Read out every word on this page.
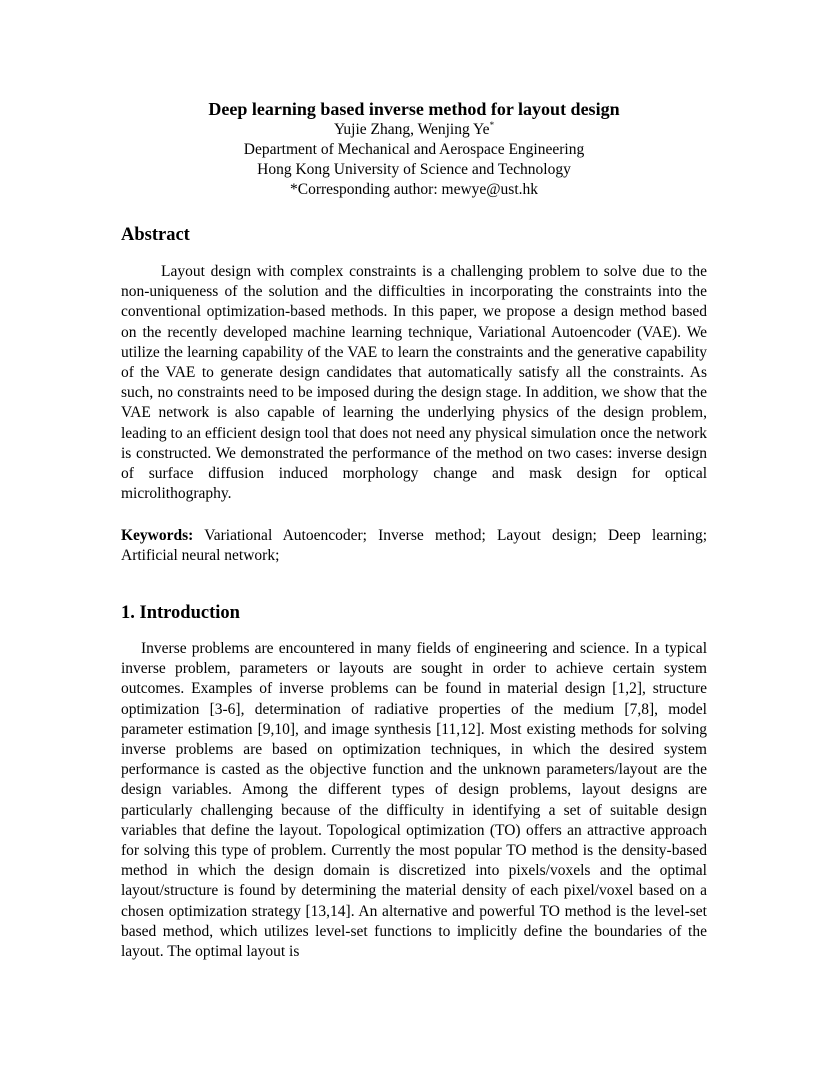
Deep learning based inverse method for layout design

Yujie Zhang, Wenjing Ye*

Department of Mechanical and Aerospace Engineering

Hong Kong University of Science and Technology

*Corresponding author: mewye@ust.hk

Abstract

Layout design with complex constraints is a challenging problem to solve due to the non-uniqueness of the solution and the difficulties in incorporating the constraints into the conventional optimization-based methods. In this paper, we propose a design method based on the recently developed machine learning technique, Variational Autoencoder (VAE). We utilize the learning capability of the VAE to learn the constraints and the generative capability of the VAE to generate design candidates that automatically satisfy all the constraints. As such, no constraints need to be imposed during the design stage. In addition, we show that the VAE network is also capable of learning the underlying physics of the design problem, leading to an efficient design tool that does not need any physical simulation once the network is constructed. We demonstrated the performance of the method on two cases: inverse design of surface diffusion induced morphology change and mask design for optical microlithography.

Keywords: Variational Autoencoder; Inverse method; Layout design; Deep learning; Artificial neural network;

1. Introduction

Inverse problems are encountered in many fields of engineering and science. In a typical inverse problem, parameters or layouts are sought in order to achieve certain system outcomes. Examples of inverse problems can be found in material design [1,2], structure optimization [3-6], determination of radiative properties of the medium [7,8], model parameter estimation [9,10], and image synthesis [11,12]. Most existing methods for solving inverse problems are based on optimization techniques, in which the desired system performance is casted as the objective function and the unknown parameters/layout are the design variables. Among the different types of design problems, layout designs are particularly challenging because of the difficulty in identifying a set of suitable design variables that define the layout. Topological optimization (TO) offers an attractive approach for solving this type of problem. Currently the most popular TO method is the density-based method in which the design domain is discretized into pixels/voxels and the optimal layout/structure is found by determining the material density of each pixel/voxel based on a chosen optimization strategy [13,14]. An alternative and powerful TO method is the level-set based method, which utilizes level-set functions to implicitly define the boundaries of the layout. The optimal layout is
